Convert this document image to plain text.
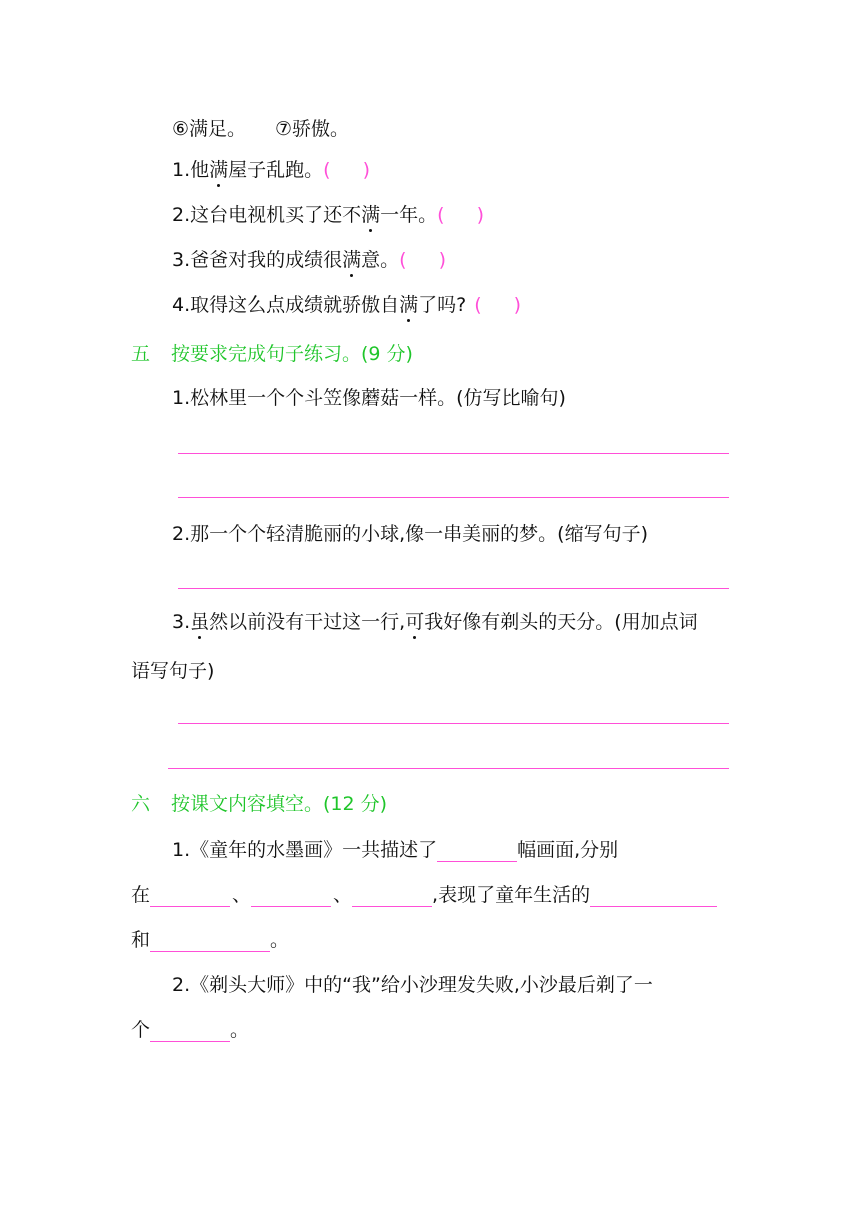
⑥满足。 ⑦骄傲。
1.他满屋子乱跑。( )
2.这台电视机买了还不满一年。( )
3.爸爸对我的成绩很满意。( )
4.取得这么点成绩就骄傲自满了吗? ( )
五 按要求完成句子练习。(9 分)
1.松林里一个个斗笠像蘑菇一样。(仿写比喻句)
2.那一个个轻清脆丽的小球,像一串美丽的梦。(缩写句子)
3.虽然以前没有干过这一行,可我好像有剃头的天分。(用加点词
语写句子)
六 按课文内容填空。(12 分)
1.《童年的水墨画》一共描述了	幅画面,分别
在	、	、	,表现了童年生活的
和	。
2.《剃头大师》中的“我”给小沙理发失败,小沙最后剃了一
个	。
